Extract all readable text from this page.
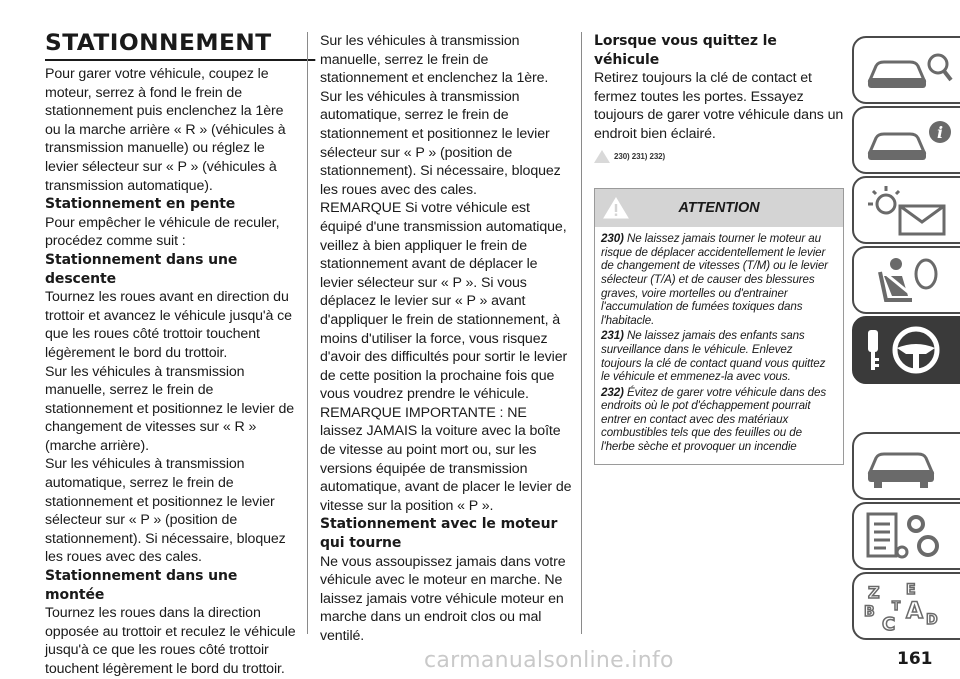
STATIONNEMENT

Pour garer votre véhicule, coupez le moteur, serrez à fond le frein de stationnement puis enclenchez la 1ère ou la marche arrière « R » (véhicules à transmission manuelle) ou réglez le levier sélecteur sur « P » (véhicules à transmission automatique).

Stationnement en pente

Pour empêcher le véhicule de reculer, procédez comme suit :

Stationnement dans une descente

Tournez les roues avant en direction du trottoir et avancez le véhicule jusqu'à ce que les roues côté trottoir touchent légèrement le bord du trottoir.

Sur les véhicules à transmission manuelle, serrez le frein de stationnement et positionnez le levier de changement de vitesses sur « R » (marche arrière).

Sur les véhicules à transmission automatique, serrez le frein de stationnement et positionnez le levier sélecteur sur « P » (position de stationnement). Si nécessaire, bloquez les roues avec des cales.

Stationnement dans une montée

Tournez les roues dans la direction opposée au trottoir et reculez le véhicule jusqu'à ce que les roues côté trottoir touchent légèrement le bord du trottoir.

Sur les véhicules à transmission manuelle, serrez le frein de stationnement et enclenchez la 1ère.

Sur les véhicules à transmission automatique, serrez le frein de stationnement et positionnez le levier sélecteur sur « P » (position de stationnement). Si nécessaire, bloquez les roues avec des cales.

REMARQUE Si votre véhicule est équipé d'une transmission automatique, veillez à bien appliquer le frein de stationnement avant de déplacer le levier sélecteur sur « P ». Si vous déplacez le levier sur « P » avant d'appliquer le frein de stationnement, à moins d'utiliser la force, vous risquez d'avoir des difficultés pour sortir le levier de cette position la prochaine fois que vous voudrez prendre le véhicule.

REMARQUE IMPORTANTE : NE laissez JAMAIS la voiture avec la boîte de vitesse au point mort ou, sur les versions équipée de transmission automatique, avant de placer le levier de vitesse sur la position « P ».

Stationnement avec le moteur qui tourne

Ne vous assoupissez jamais dans votre véhicule avec le moteur en marche. Ne laissez jamais votre véhicule moteur en marche dans un endroit clos ou mal ventilé.

Lorsque vous quittez le véhicule

Retirez toujours la clé de contact et fermez toutes les portes. Essayez toujours de garer votre véhicule dans un endroit bien éclairé.

230) 231) 232)
ATTENTION
230) Ne laissez jamais tourner le moteur au risque de déplacer accidentellement le levier de changement de vitesses (T/M) ou le levier sélecteur (T/A) et de causer des blessures graves, voire mortelles ou d'entrainer l'accumulation de fumées toxiques dans l'habitacle.
231) Ne laissez jamais des enfants sans surveillance dans le véhicule. Enlevez toujours la clé de contact quand vous quittez le véhicule et emmenez-la avec vous.
232) Évitez de garer votre véhicule dans des endroits où le pot d'échappement pourrait entrer en contact avec des matériaux combustibles tels que des feuilles ou de l'herbe sèche et provoquer un incendie
i
Z E
B A
C
T
D
carmanualsonline.info	161
